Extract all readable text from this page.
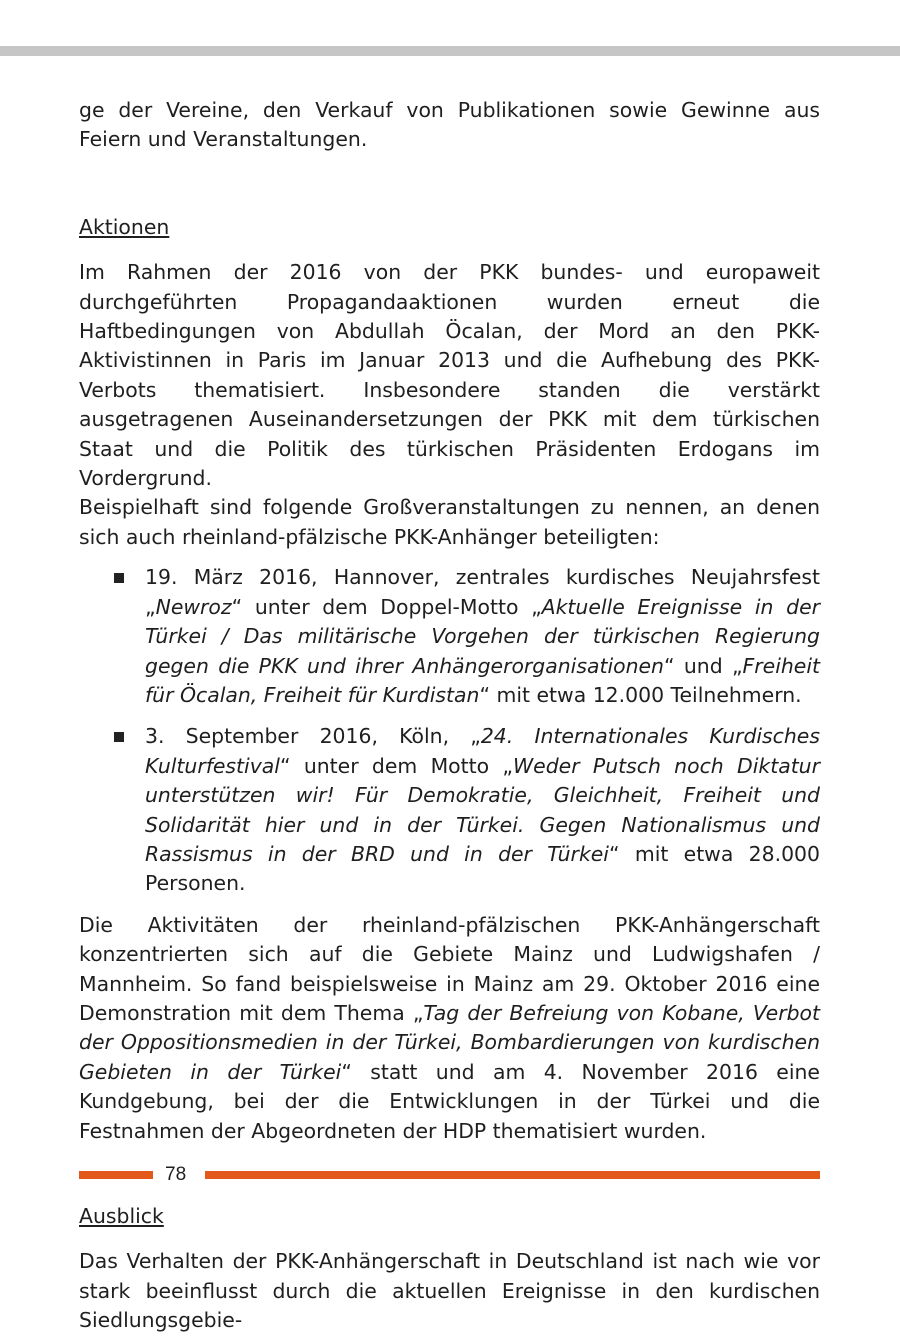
ge der Vereine, den Verkauf von Publikationen sowie Gewinne aus Feiern und Veranstaltungen.

Aktionen

Im Rahmen der 2016 von der PKK bundes- und europaweit durchgeführten Propagandaaktionen wurden erneut die Haftbedingungen von Abdullah Öcalan, der Mord an den PKK-Aktivistinnen in Paris im Januar 2013 und die Aufhebung des PKK-Verbots thematisiert. Insbesondere standen die verstärkt ausgetragenen Auseinandersetzungen der PKK mit dem türkischen Staat und die Politik des türkischen Präsidenten Erdogans im Vordergrund.

Beispielhaft sind folgende Großveranstaltungen zu nennen, an denen sich auch rheinland-pfälzische PKK-Anhänger beteiligten:

19. März 2016, Hannover, zentrales kurdisches Neujahrsfest „Newroz“ unter dem Doppel-Motto „Aktuelle Ereignisse in der Türkei / Das militärische Vorgehen der türkischen Regierung gegen die PKK und ihrer Anhängerorganisationen“ und „Freiheit für Öcalan, Freiheit für Kurdistan“ mit etwa 12.000 Teilnehmern.
3. September 2016, Köln, „24. Internationales Kurdisches Kulturfestival“ unter dem Motto „Weder Putsch noch Diktatur unterstützen wir! Für Demokratie, Gleichheit, Freiheit und Solidarität hier und in der Türkei. Gegen Nationalismus und Rassismus in der BRD und in der Türkei“ mit etwa 28.000 Personen.

Die Aktivitäten der rheinland-pfälzischen PKK-Anhängerschaft konzentrierten sich auf die Gebiete Mainz und Ludwigshafen / Mannheim. So fand beispielsweise in Mainz am 29. Oktober 2016 eine Demonstration mit dem Thema „Tag der Befreiung von Kobane, Verbot der Oppositionsmedien in der Türkei, Bombardierungen von kurdischen Gebieten in der Türkei“ statt und am 4. November 2016 eine Kundgebung, bei der die Entwicklungen in der Türkei und die Festnahmen der Abgeordneten der HDP thematisiert wurden.

Ausblick

Das Verhalten der PKK-Anhängerschaft in Deutschland ist nach wie vor stark beeinflusst durch die aktuellen Ereignisse in den kurdischen Siedlungsgebie-

78
